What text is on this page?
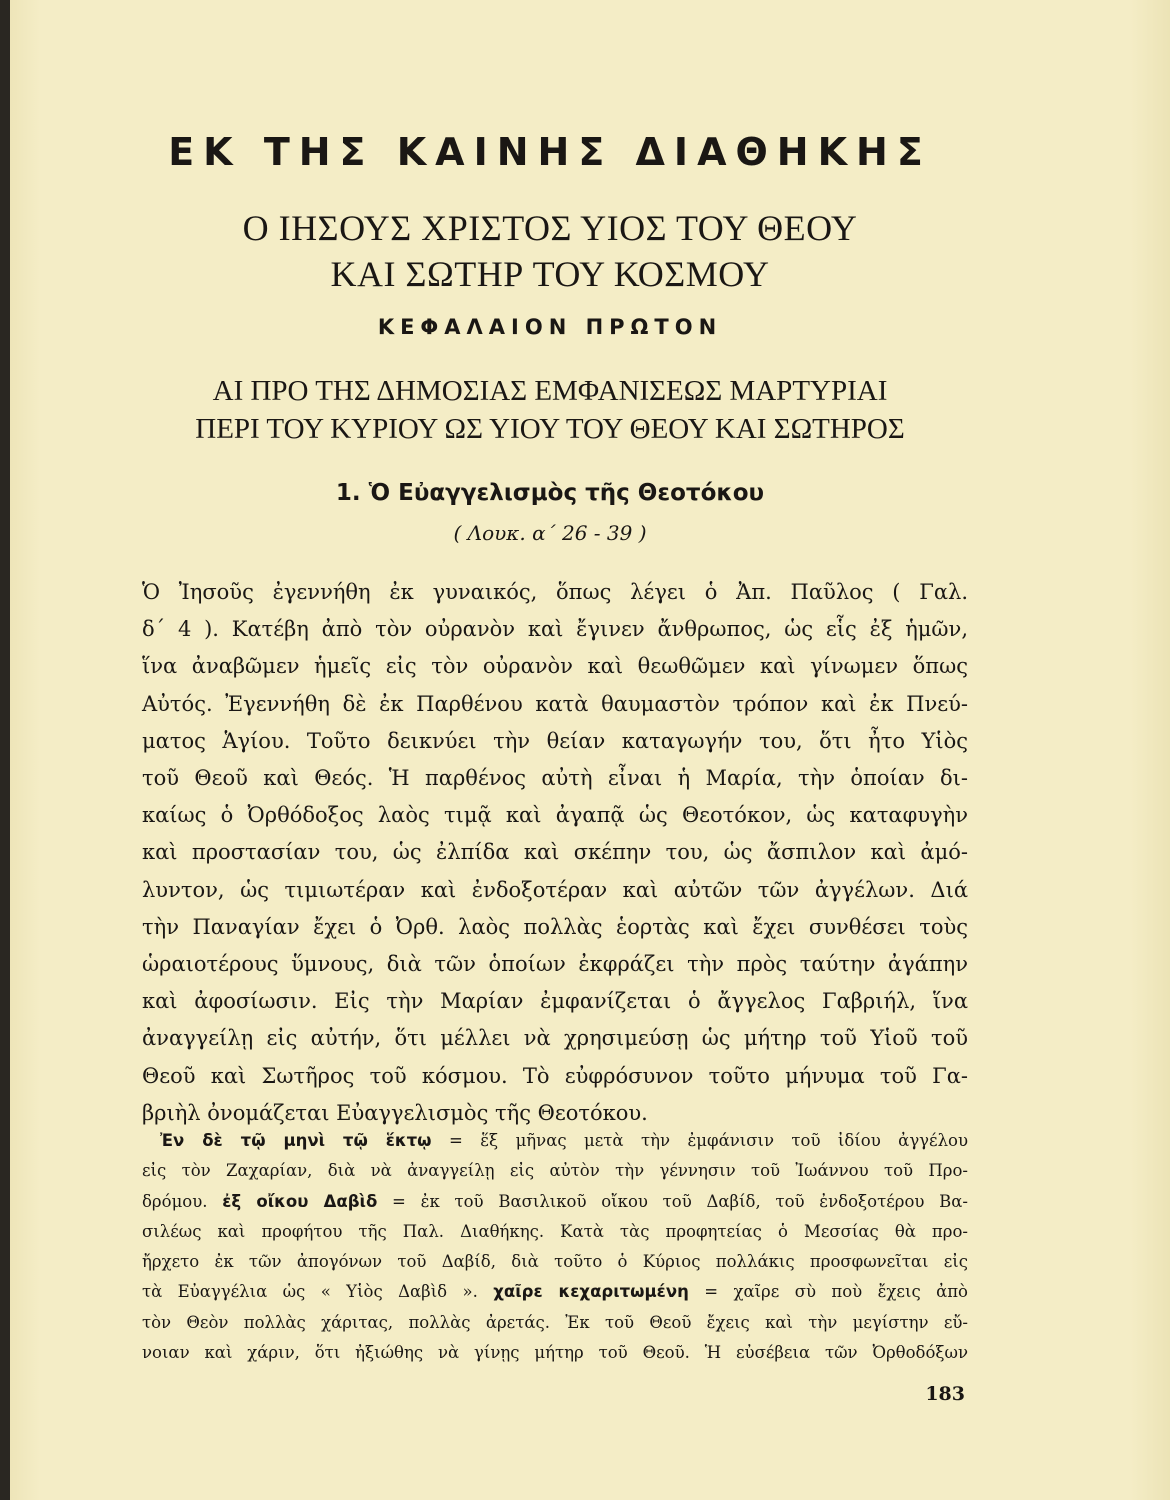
ΕΚ ΤΗΣ ΚΑΙΝΗΣ ΔΙΑΘΗΚΗΣ
Ο ΙΗΣΟΥΣ ΧΡΙΣΤΟΣ ΥΙΟΣ ΤΟΥ ΘΕΟΥ
ΚΑΙ ΣΩΤΗΡ ΤΟΥ ΚΟΣΜΟΥ
ΚΕΦΑΛΑΙΟΝ ΠΡΩΤΟΝ
ΑΙ ΠΡΟ ΤΗΣ ΔΗΜΟΣΙΑΣ ΕΜΦΑΝΙΣΕΩΣ ΜΑΡΤΥΡΙΑΙ
ΠΕΡΙ ΤΟΥ ΚΥΡΙΟΥ ΩΣ ΥΙΟΥ ΤΟΥ ΘΕΟΥ ΚΑΙ ΣΩΤΗΡΟΣ
1. Ὁ Εὐαγγελισμὸς τῆς Θεοτόκου
( Λουκ. α΄ 26 - 39 )
Ὁ Ἰησοῦς ἐγεννήθη ἐκ γυναικός, ὅπως λέγει ὁ Ἀπ. Παῦλος ( Γαλ.
δ΄ 4 ). Κατέβη ἀπὸ τὸν οὐρανὸν καὶ ἔγινεν ἄνθρωπος, ὡς εἷς ἐξ ἡμῶν,
ἵνα ἀναβῶμεν ἡμεῖς εἰς τὸν οὐρανὸν καὶ θεωθῶμεν καὶ γίνωμεν ὅπως
Αὐτός. Ἐγεννήθη δὲ ἐκ Παρθένου κατὰ θαυμαστὸν τρόπον καὶ ἐκ Πνεύ-
ματος Ἁγίου. Τοῦτο δεικνύει τὴν θείαν καταγωγήν του, ὅτι ἦτο Υἱὸς
τοῦ Θεοῦ καὶ Θεός. Ἡ παρθένος αὐτὴ εἶναι ἡ Μαρία, τὴν ὁποίαν δι-
καίως ὁ Ὀρθόδοξος λαὸς τιμᾷ καὶ ἀγαπᾷ ὡς Θεοτόκον, ὡς καταφυγὴν
καὶ προστασίαν του, ὡς ἐλπίδα καὶ σκέπην του, ὡς ἄσπιλον καὶ ἀμό-
λυντον, ὡς τιμιωτέραν καὶ ἐνδοξοτέραν καὶ αὐτῶν τῶν ἀγγέλων. Διά
τὴν Παναγίαν ἔχει ὁ Ὀρθ. λαὸς πολλὰς ἑορτὰς καὶ ἔχει συνθέσει τοὺς
ὡραιοτέρους ὕμνους, διὰ τῶν ὁποίων ἐκφράζει τὴν πρὸς ταύτην ἀγάπην
καὶ ἀφοσίωσιν. Εἰς τὴν Μαρίαν ἐμφανίζεται ὁ ἄγγελος Γαβριήλ, ἵνα
ἀναγγείλῃ εἰς αὐτήν, ὅτι μέλλει νὰ χρησιμεύσῃ ὡς μήτηρ τοῦ Υἱοῦ τοῦ
Θεοῦ καὶ Σωτῆρος τοῦ κόσμου. Τὸ εὐφρόσυνον τοῦτο μήνυμα τοῦ Γα-
βριὴλ ὀνομάζεται Εὐαγγελισμὸς τῆς Θεοτόκου.
Ἐν δὲ τῷ μηνὶ τῷ ἕκτῳ = ἕξ μῆνας μετὰ τὴν ἐμφάνισιν τοῦ ἰδίου ἀγγέλου
εἰς τὸν Ζαχαρίαν, διὰ νὰ ἀναγγείλῃ εἰς αὐτὸν τὴν γέννησιν τοῦ Ἰωάννου τοῦ Προ-
δρόμου. ἐξ οἴκου Δαβὶδ = ἐκ τοῦ Βασιλικοῦ οἴκου τοῦ Δαβίδ, τοῦ ἐνδοξοτέρου Βα-
σιλέως καὶ προφήτου τῆς Παλ. Διαθήκης. Κατὰ τὰς προφητείας ὁ Μεσσίας θὰ προ-
ἤρχετο ἐκ τῶν ἀπογόνων τοῦ Δαβίδ, διὰ τοῦτο ὁ Κύριος πολλάκις προσφωνεῖται εἰς
τὰ Εὐαγγέλια ὡς « Υἱὸς Δαβὶδ ». χαῖρε κεχαριτωμένη = χαῖρε σὺ ποὺ ἔχεις ἀπὸ
τὸν Θεὸν πολλὰς χάριτας, πολλὰς ἀρετάς. Ἐκ τοῦ Θεοῦ ἔχεις καὶ τὴν μεγίστην εὔ-
νοιαν καὶ χάριν, ὅτι ἠξιώθης νὰ γίνῃς μήτηρ τοῦ Θεοῦ. Ἡ εὐσέβεια τῶν Ὀρθοδόξων
183
